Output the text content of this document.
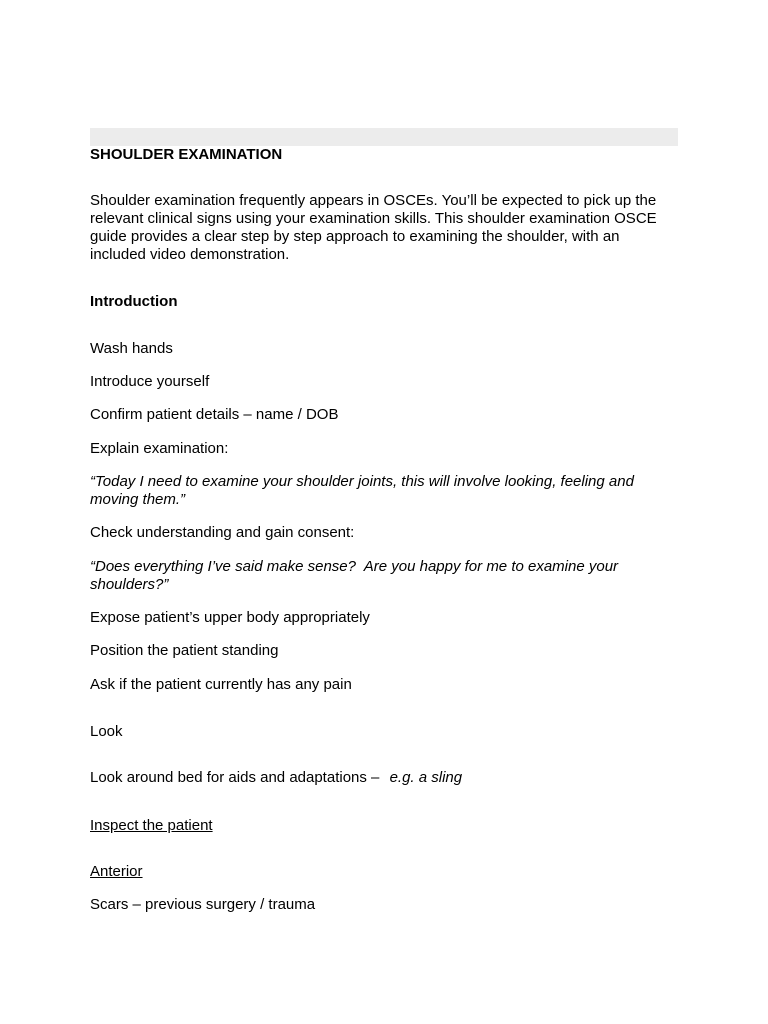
SHOULDER EXAMINATION
Shoulder examination frequently appears in OSCEs. You’ll be expected to pick up the relevant clinical signs using your examination skills. This shoulder examination OSCE guide provides a clear step by step approach to examining the shoulder, with an included video demonstration.
Introduction
Wash hands
Introduce yourself
Confirm patient details – name / DOB
Explain examination:
“Today I need to examine your shoulder joints, this will involve looking, feeling and moving them.”
Check understanding and gain consent:
“Does everything I’ve said make sense?  Are you happy for me to examine your shoulders?”
Expose patient’s upper body appropriately
Position the patient standing
Ask if the patient currently has any pain
Look
Look around bed for aids and adaptations – e.g. a sling
Inspect the patient
Anterior
Scars – previous surgery / trauma
